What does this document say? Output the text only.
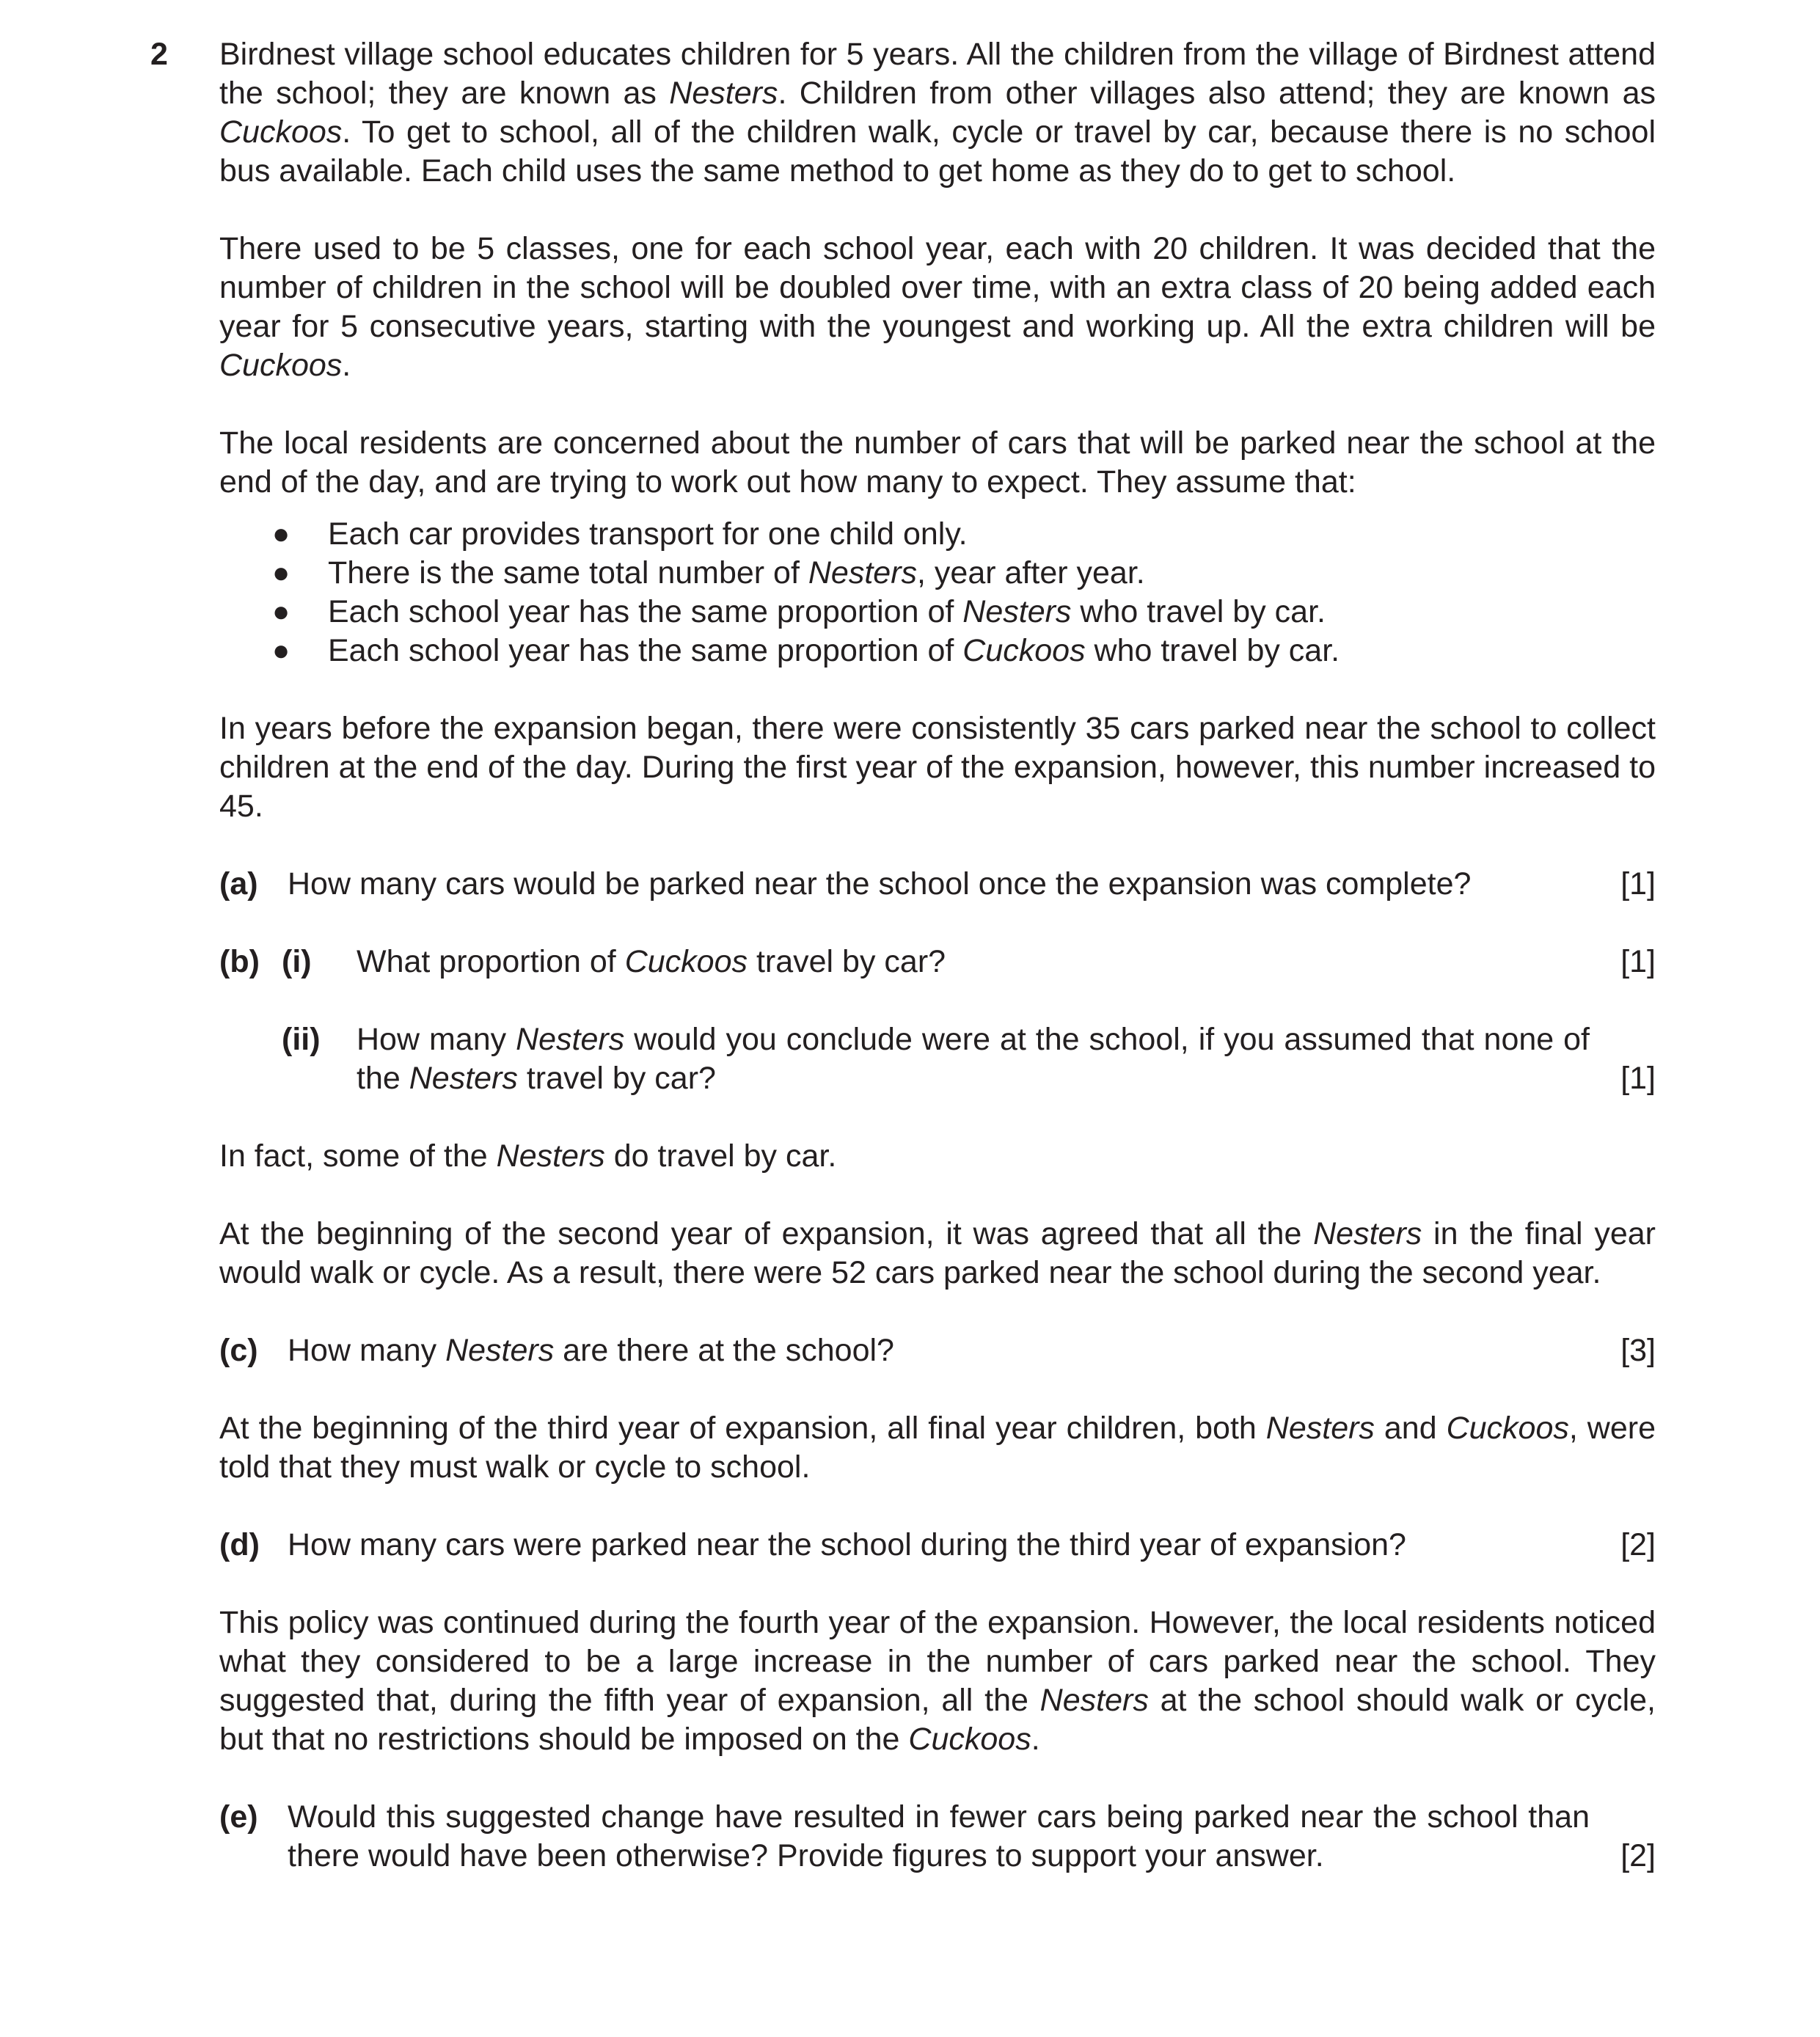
2 Birdnest village school educates children for 5 years. All the children from the village of Birdnest attend the school; they are known as Nesters. Children from other villages also attend; they are known as Cuckoos. To get to school, all of the children walk, cycle or travel by car, because there is no school bus available. Each child uses the same method to get home as they do to get to school.

There used to be 5 classes, one for each school year, each with 20 children. It was decided that the number of children in the school will be doubled over time, with an extra class of 20 being added each year for 5 consecutive years, starting with the youngest and working up. All the extra children will be Cuckoos.

The local residents are concerned about the number of cars that will be parked near the school at the end of the day, and are trying to work out how many to expect. They assume that:

● Each car provides transport for one child only.
● There is the same total number of Nesters, year after year.
● Each school year has the same proportion of Nesters who travel by car.
● Each school year has the same proportion of Cuckoos who travel by car.

In years before the expansion began, there were consistently 35 cars parked near the school to collect children at the end of the day. During the first year of the expansion, however, this number increased to 45.

(a) How many cars would be parked near the school once the expansion was complete?	[1]
(b) (i)	What proportion of Cuckoos travel by car?	[1]
(ii)	How many Nesters would you conclude were at the school, if you assumed that none of the Nesters travel by car?	[1]

In fact, some of the Nesters do travel by car.

At the beginning of the second year of expansion, it was agreed that all the Nesters in the final year would walk or cycle. As a result, there were 52 cars parked near the school during the second year.

(c) How many Nesters are there at the school?	[3]

At the beginning of the third year of expansion, all final year children, both Nesters and Cuckoos, were told that they must walk or cycle to school.

(d) How many cars were parked near the school during the third year of expansion?	[2]

This policy was continued during the fourth year of the expansion. However, the local residents noticed what they considered to be a large increase in the number of cars parked near the school. They suggested that, during the fifth year of expansion, all the Nesters at the school should walk or cycle, but that no restrictions should be imposed on the Cuckoos.

(e) Would this suggested change have resulted in fewer cars being parked near the school than there would have been otherwise? Provide figures to support your answer.	[2]
